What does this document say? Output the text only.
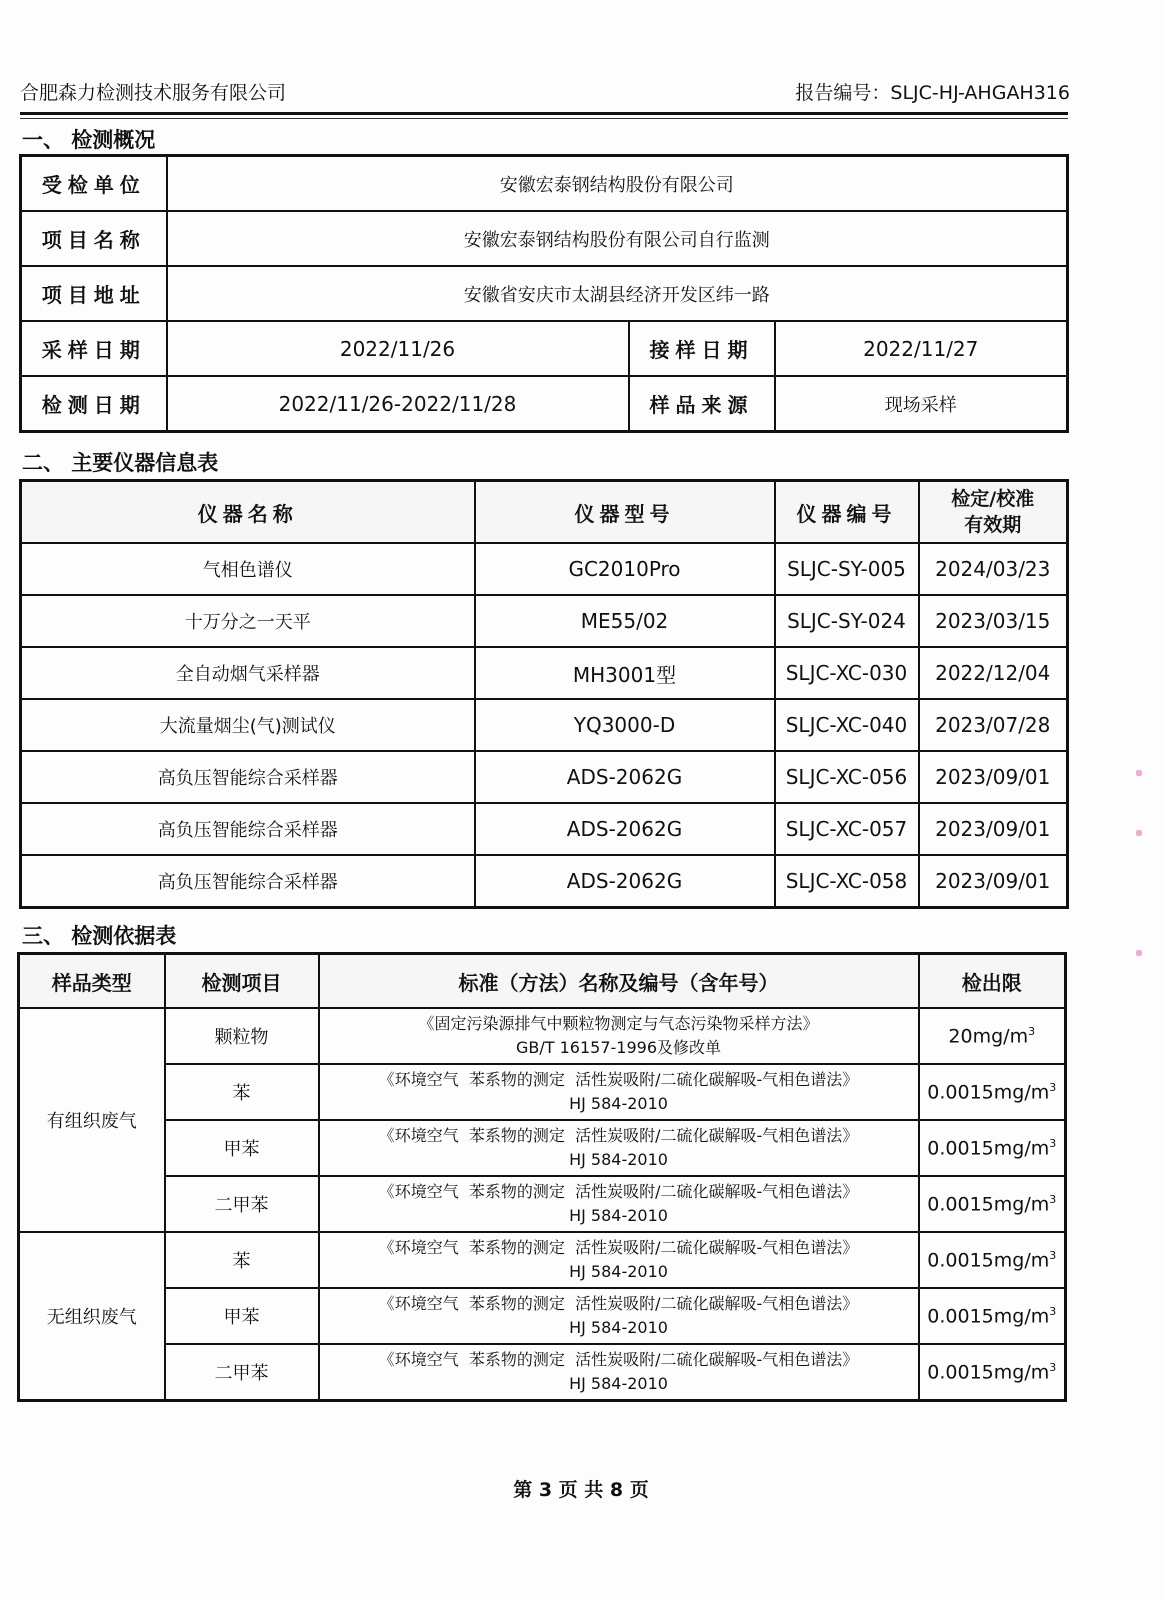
合肥森力检测技术服务有限公司	报告编号：SLJC-HJ-AHGAH316
一、 检测概况
受检单位	安徽宏泰钢结构股份有限公司		
项目名称	安徽宏泰钢结构股份有限公司自行监测		
项目地址	安徽省安庆市太湖县经济开发区纬一路		
采样日期	2022/11/26	接样日期	2022/11/27
检测日期	2022/11/26-2022/11/28	样品来源	现场采样
二、 主要仪器信息表
仪器名称	仪器型号	仪器编号	检定/校准
有效期

气相色谱仪	GC2010Pro	SLJC-SY-005	2024/03/23
十万分之一天平	ME55/02	SLJC-SY-024	2023/03/15
全自动烟气采样器	MH3001型	SLJC-XC-030	2022/12/04
大流量烟尘(气)测试仪	YQ3000-D	SLJC-XC-040	2023/07/28
高负压智能综合采样器	ADS-2062G	SLJC-XC-056	2023/09/01
高负压智能综合采样器	ADS-2062G	SLJC-XC-057	2023/09/01
高负压智能综合采样器	ADS-2062G	SLJC-XC-058	2023/09/01
三、 检测依据表
样品类型	检测项目	标准（方法）名称及编号（含年号）	检出限
有组织废气	颗粒物	《固定污染源排气中颗粒物测定与气态污染物采样方法》
GB/T 16157-1996及修改单	$20mg/m^3$
	苯	《环境空气  苯系物的测定  活性炭吸附/二硫化碳解吸-气相色谱法》
HJ 584-2010	$0.0015mg/m^3$
	甲苯	《环境空气  苯系物的测定  活性炭吸附/二硫化碳解吸-气相色谱法》
HJ 584-2010	$0.0015mg/m^3$
	二甲苯	《环境空气  苯系物的测定  活性炭吸附/二硫化碳解吸-气相色谱法》
HJ 584-2010	$0.0015mg/m^3$
无组织废气	苯	《环境空气  苯系物的测定  活性炭吸附/二硫化碳解吸-气相色谱法》
HJ 584-2010	$0.0015mg/m^3$
	甲苯	《环境空气  苯系物的测定  活性炭吸附/二硫化碳解吸-气相色谱法》
HJ 584-2010	$0.0015mg/m^3$
	二甲苯	《环境空气  苯系物的测定  活性炭吸附/二硫化碳解吸-气相色谱法》
HJ 584-2010	$0.0015mg/m^3$
第 3 页 共 8 页
